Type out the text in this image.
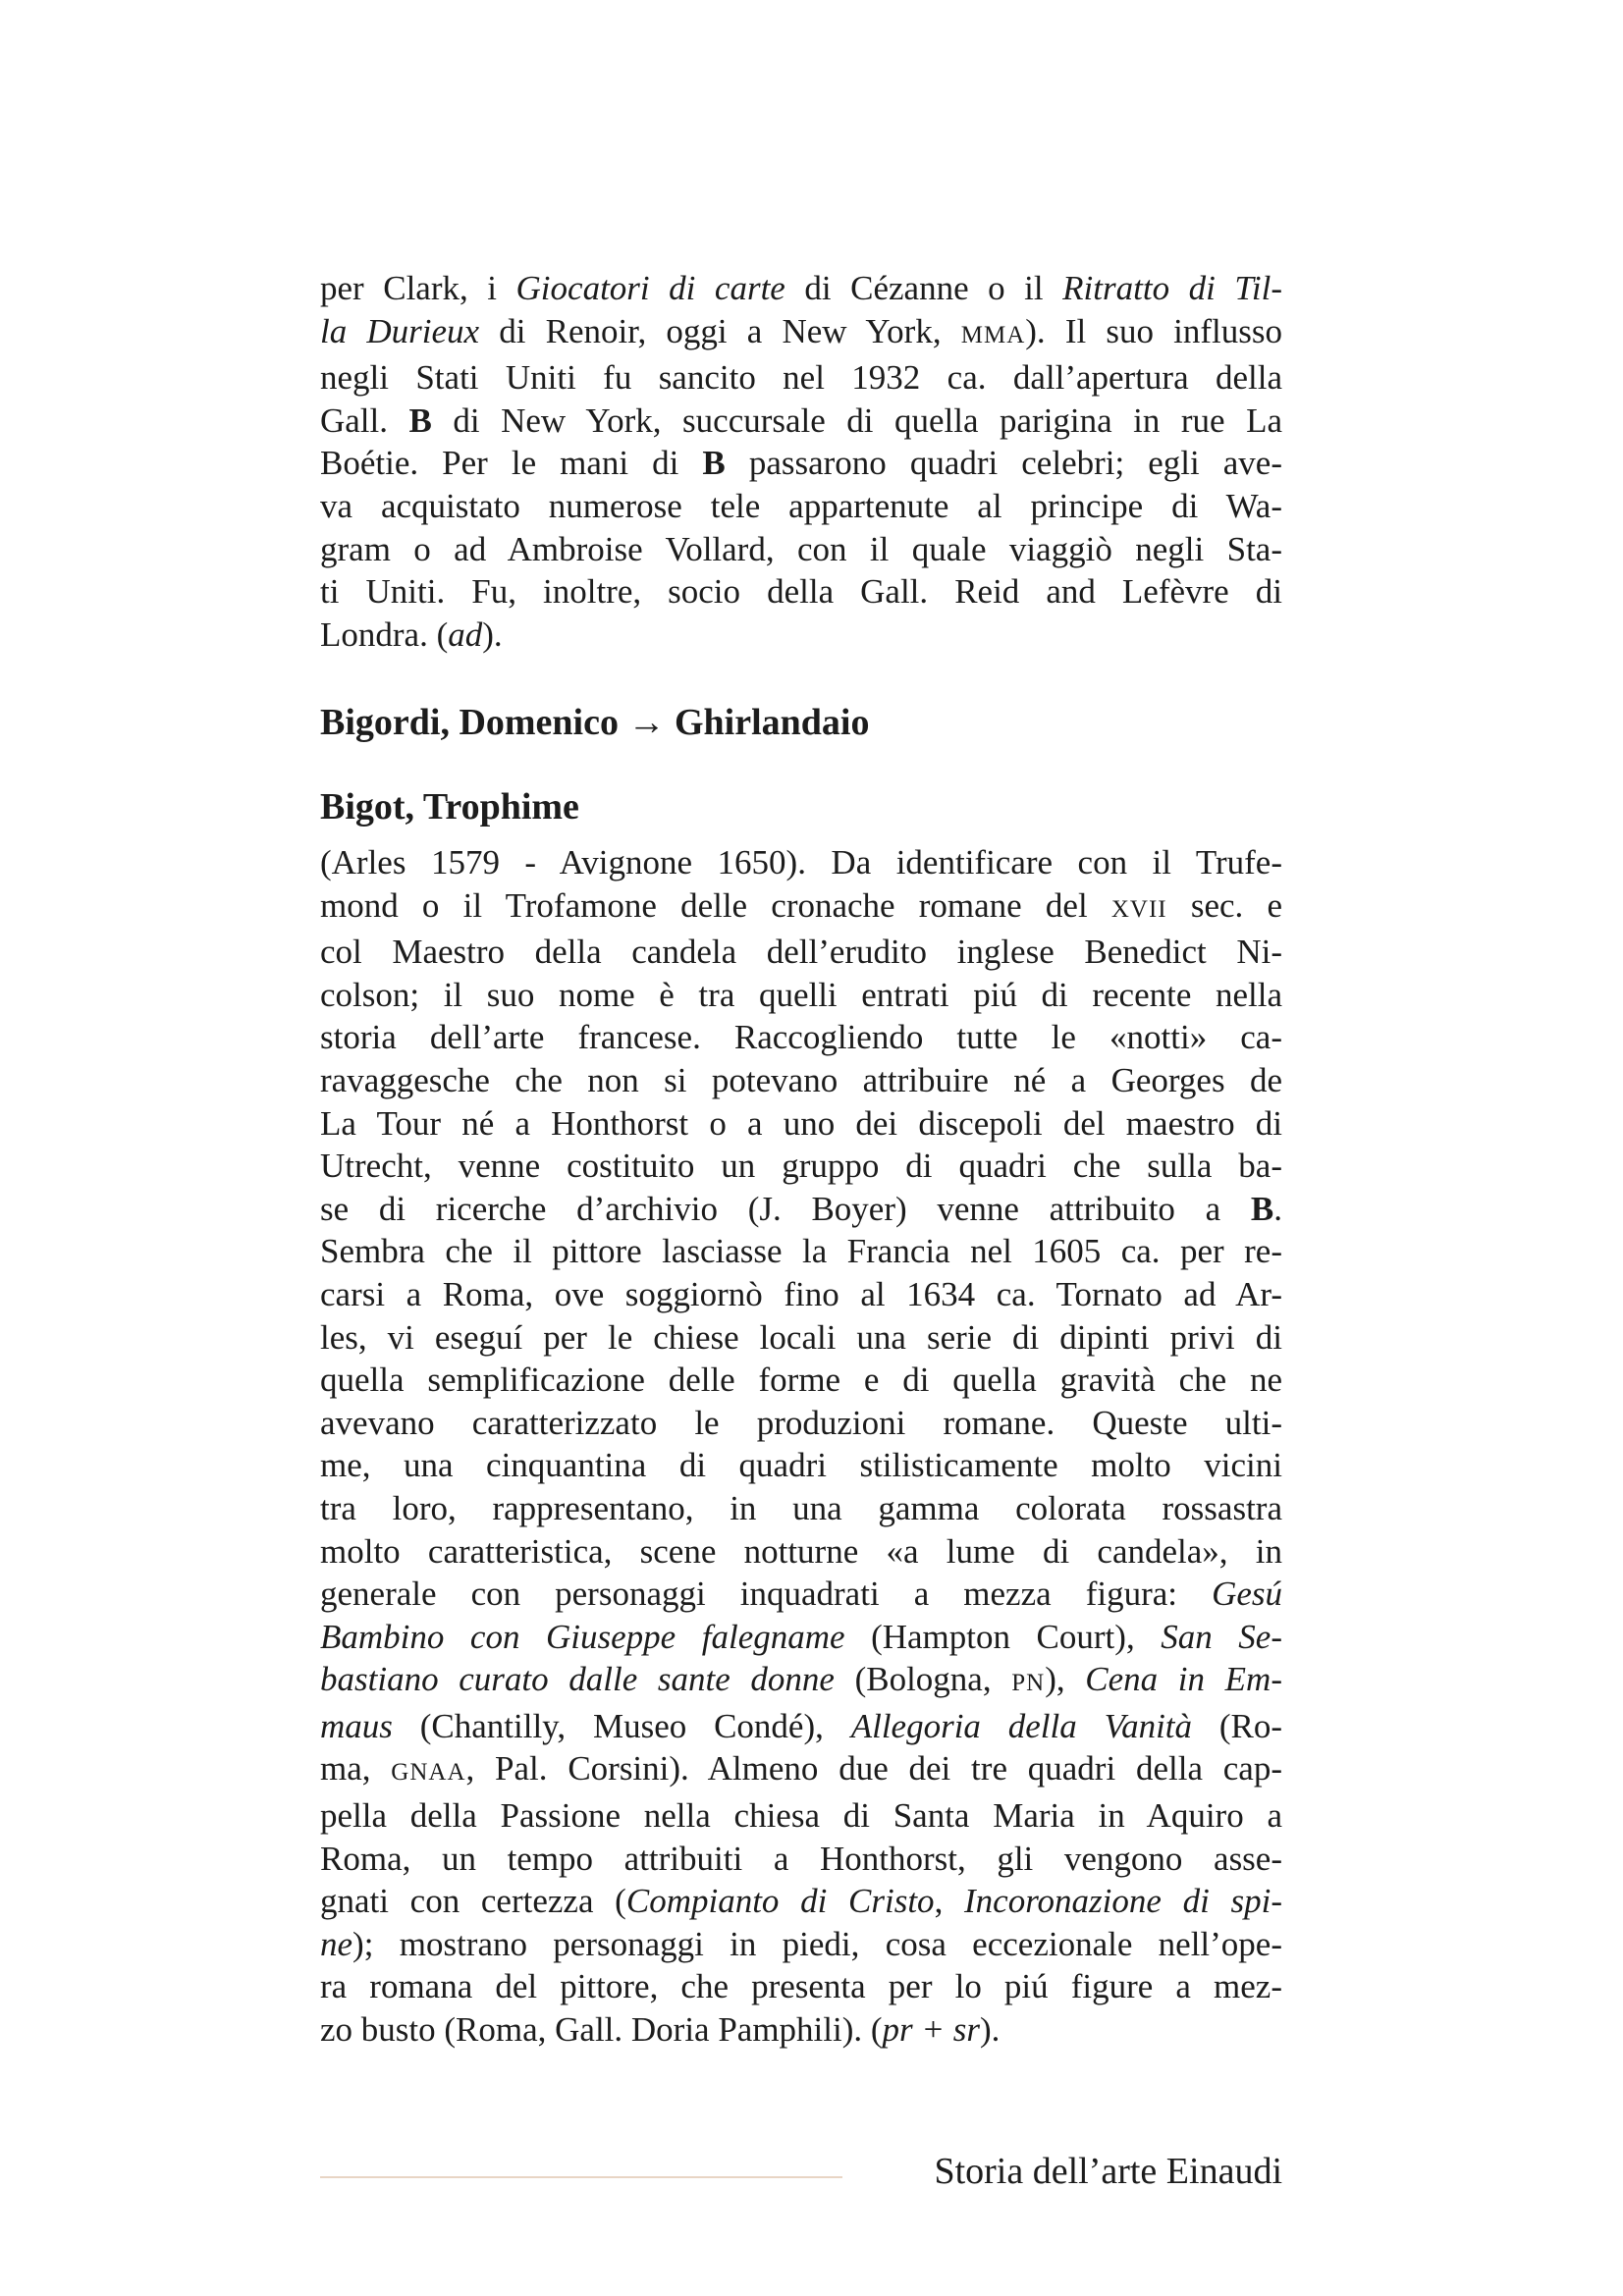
per Clark, i Giocatori di carte di Cézanne o il Ritratto di Til-
la Durieux di Renoir, oggi a New York, MMA). Il suo influsso
negli Stati Uniti fu sancito nel 1932 ca. dall’apertura della
Gall. B di New York, succursale di quella parigina in rue La
Boétie. Per le mani di B passarono quadri celebri; egli ave-
va acquistato numerose tele appartenute al principe di Wa-
gram o ad Ambroise Vollard, con il quale viaggiò negli Sta-
ti Uniti. Fu, inoltre, socio della Gall. Reid and Lefèvre di
Londra. (ad).
Bigordi, Domenico → Ghirlandaio
Bigot, Trophime
(Arles 1579 - Avignone 1650). Da identificare con il Trufe-
mond o il Trofamone delle cronache romane del XVII sec. e
col Maestro della candela dell’erudito inglese Benedict Ni-
colson; il suo nome è tra quelli entrati piú di recente nella
storia dell’arte francese. Raccogliendo tutte le «notti» ca-
ravaggesche che non si potevano attribuire né a Georges de
La Tour né a Honthorst o a uno dei discepoli del maestro di
Utrecht, venne costituito un gruppo di quadri che sulla ba-
se di ricerche d’archivio (J. Boyer) venne attribuito a B.
Sembra che il pittore lasciasse la Francia nel 1605 ca. per re-
carsi a Roma, ove soggiornò fino al 1634 ca. Tornato ad Ar-
les, vi eseguí per le chiese locali una serie di dipinti privi di
quella semplificazione delle forme e di quella gravità che ne
avevano caratterizzato le produzioni romane. Queste ulti-
me, una cinquantina di quadri stilisticamente molto vicini
tra loro, rappresentano, in una gamma colorata rossastra
molto caratteristica, scene notturne «a lume di candela», in
generale con personaggi inquadrati a mezza figura: Gesú
Bambino con Giuseppe falegname (Hampton Court), San Se-
bastiano curato dalle sante donne (Bologna, PN), Cena in Em-
maus (Chantilly, Museo Condé), Allegoria della Vanità (Ro-
ma, GNAA, Pal. Corsini). Almeno due dei tre quadri della cap-
pella della Passione nella chiesa di Santa Maria in Aquiro a
Roma, un tempo attribuiti a Honthorst, gli vengono asse-
gnati con certezza (Compianto di Cristo, Incoronazione di spi-
ne); mostrano personaggi in piedi, cosa eccezionale nell’ope-
ra romana del pittore, che presenta per lo piú figure a mez-
zo busto (Roma, Gall. Doria Pamphili). (pr + sr).
Storia dell’arte Einaudi
